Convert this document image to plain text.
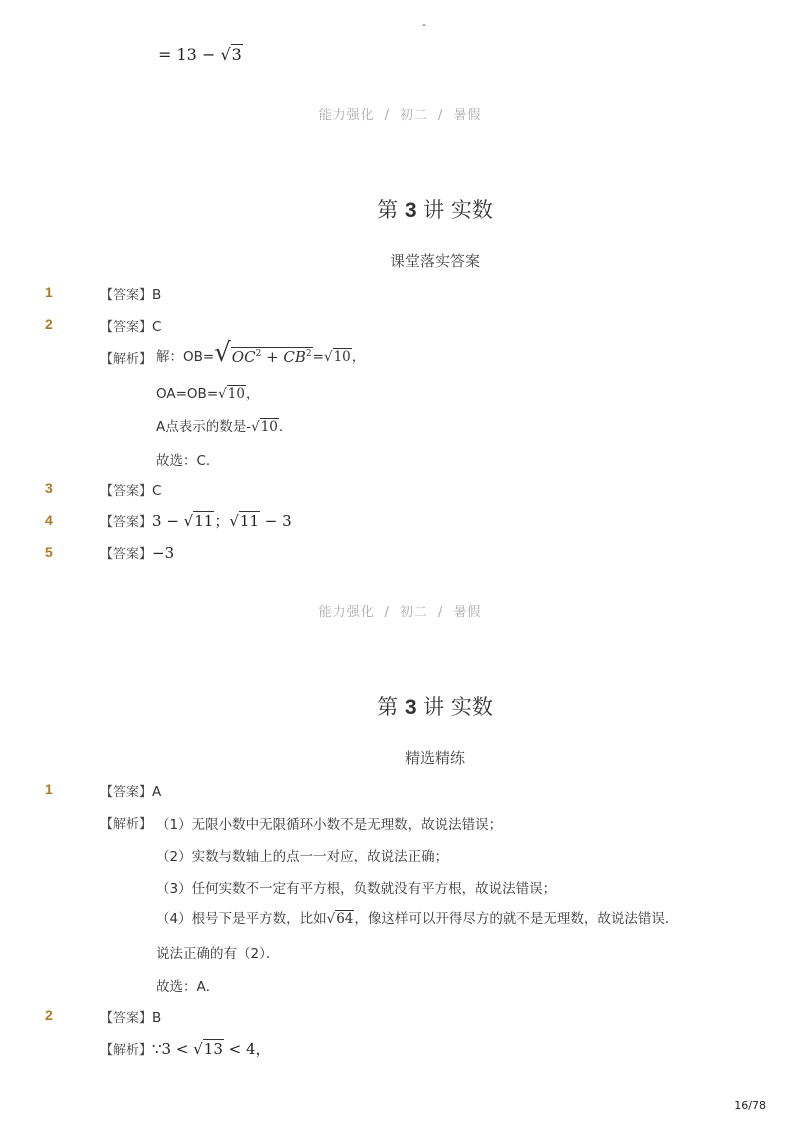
-
= 13 − √ 3
能力强化 / 初二 / 暑假
第 3 讲 实数
课堂落实答案
1	【答案】B
2	【答案】C
【解析】 解：OB= √ $OC^2 + CB^2$ = √ 10 ，
OA=OB= √ 10 ，
A点表示的数是- √ 10 ．
故选：C．
3	【答案】C
4	【答案】3 − √ 11 ； √ 11 − 3
5	【答案】−3
能力强化 / 初二 / 暑假
第 3 讲 实数
精选精练
1	【答案】A
【解析】 （1）无限小数中无限循环小数不是无理数，故说法错误；
（2）实数与数轴上的点一一对应，故说法正确；
（3）任何实数不一定有平方根，负数就没有平方根，故说法错误；
（4）根号下是平方数，比如 √ 64 ，像这样可以开得尽方的就不是无理数，故说法错误．
说法正确的有（2）．
故选：A．
2	【答案】B
【解析】∵3 < √ 13 < 4，
16/78
